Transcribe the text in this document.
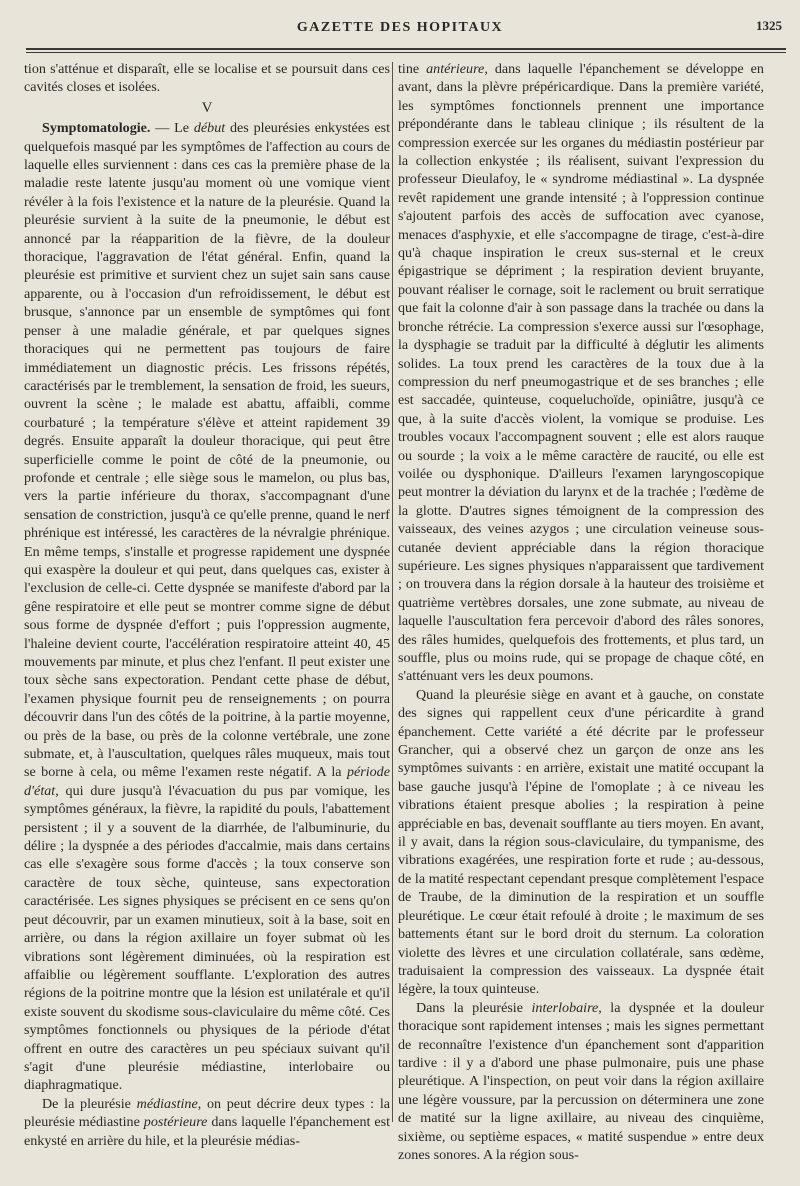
GAZETTE DES HOPITAUX	1325

tion s'atténue et disparaît, elle se localise et se poursuit dans ces cavités closes et isolées.

V

Symptomatologie. — Le début des pleurésies enkystées est quelquefois masqué par les symptômes de l'affection au cours de laquelle elles surviennent : dans ces cas la première phase de la maladie reste latente jusqu'au moment où une vomique vient révéler à la fois l'existence et la nature de la pleurésie. Quand la pleurésie survient à la suite de la pneumonie, le début est annoncé par la réapparition de la fièvre, de la douleur thoracique, l'aggravation de l'état général. Enfin, quand la pleurésie est primitive et survient chez un sujet sain sans cause apparente, ou à l'occasion d'un refroidissement, le début est brusque, s'annonce par un ensemble de symptômes qui font penser à une maladie générale, et par quelques signes thoraciques qui ne permettent pas toujours de faire immédiatement un diagnostic précis. Les frissons répétés, caractérisés par le tremblement, la sensation de froid, les sueurs, ouvrent la scène ; le malade est abattu, affaibli, comme courbaturé ; la température s'élève et atteint rapidement 39 degrés. Ensuite apparaît la douleur thoracique, qui peut être superficielle comme le point de côté de la pneumonie, ou profonde et centrale ; elle siège sous le mamelon, ou plus bas, vers la partie inférieure du thorax, s'accompagnant d'une sensation de constriction, jusqu'à ce qu'elle prenne, quand le nerf phrénique est intéressé, les caractères de la névralgie phrénique. En même temps, s'installe et progresse rapidement une dyspnée qui exaspère la douleur et qui peut, dans quelques cas, exister à l'exclusion de celle-ci. Cette dyspnée se manifeste d'abord par la gêne respiratoire et elle peut se montrer comme signe de début sous forme de dyspnée d'effort ; puis l'oppression augmente, l'haleine devient courte, l'accélération respiratoire atteint 40, 45 mouvements par minute, et plus chez l'enfant. Il peut exister une toux sèche sans expectoration. Pendant cette phase de début, l'examen physique fournit peu de renseignements ; on pourra découvrir dans l'un des côtés de la poitrine, à la partie moyenne, ou près de la base, ou près de la colonne vertébrale, une zone submate, et, à l'auscultation, quelques râles muqueux, mais tout se borne à cela, ou même l'examen reste négatif. A la période d'état, qui dure jusqu'à l'évacuation du pus par vomique, les symptômes généraux, la fièvre, la rapidité du pouls, l'abattement persistent ; il y a souvent de la diarrhée, de l'albuminurie, du délire ; la dyspnée a des périodes d'accalmie, mais dans certains cas elle s'exagère sous forme d'accès ; la toux conserve son caractère de toux sèche, quinteuse, sans expectoration caractérisée. Les signes physiques se précisent en ce sens qu'on peut découvrir, par un examen minutieux, soit à la base, soit en arrière, ou dans la région axillaire un foyer submat où les vibrations sont légèrement diminuées, où la respiration est affaiblie ou légèrement soufflante. L'exploration des autres régions de la poitrine montre que la lésion est unilatérale et qu'il existe souvent du skodisme sous-claviculaire du même côté. Ces symptômes fonctionnels ou physiques de la période d'état offrent en outre des caractères un peu spéciaux suivant qu'il s'agit d'une pleurésie médiastine, interlobaire ou diaphragmatique.

De la pleurésie médiastine, on peut décrire deux types : la pleurésie médiastine postérieure dans laquelle l'épanchement est enkysté en arrière du hile, et la pleurésie médias-

tine antérieure, dans laquelle l'épanchement se développe en avant, dans la plèvre prépéricardique. Dans la première variété, les symptômes fonctionnels prennent une importance prépondérante dans le tableau clinique ; ils résultent de la compression exercée sur les organes du médiastin postérieur par la collection enkystée ; ils réalisent, suivant l'expression du professeur Dieulafoy, le « syndrome médiastinal ». La dyspnée revêt rapidement une grande intensité ; à l'oppression continue s'ajoutent parfois des accès de suffocation avec cyanose, menaces d'asphyxie, et elle s'accompagne de tirage, c'est-à-dire qu'à chaque inspiration le creux sus-sternal et le creux épigastrique se dépriment ; la respiration devient bruyante, pouvant réaliser le cornage, soit le raclement ou bruit serratique que fait la colonne d'air à son passage dans la trachée ou dans la bronche rétrécie. La compression s'exerce aussi sur l'œsophage, la dysphagie se traduit par la difficulté à déglutir les aliments solides. La toux prend les caractères de la toux due à la compression du nerf pneumogastrique et de ses branches ; elle est saccadée, quinteuse, coqueluchoïde, opiniâtre, jusqu'à ce que, à la suite d'accès violent, la vomique se produise. Les troubles vocaux l'accompagnent souvent ; elle est alors rauque ou sourde ; la voix a le même caractère de raucité, ou elle est voilée ou dysphonique. D'ailleurs l'examen laryngoscopique peut montrer la déviation du larynx et de la trachée ; l'œdème de la glotte. D'autres signes témoignent de la compression des vaisseaux, des veines azygos ; une circulation veineuse sous-cutanée devient appréciable dans la région thoracique supérieure. Les signes physiques n'apparaissent que tardivement ; on trouvera dans la région dorsale à la hauteur des troisième et quatrième vertèbres dorsales, une zone submate, au niveau de laquelle l'auscultation fera percevoir d'abord des râles sonores, des râles humides, quelquefois des frottements, et plus tard, un souffle, plus ou moins rude, qui se propage de chaque côté, en s'atténuant vers les deux poumons.

Quand la pleurésie siège en avant et à gauche, on constate des signes qui rappellent ceux d'une péricardite à grand épanchement. Cette variété a été décrite par le professeur Grancher, qui a observé chez un garçon de onze ans les symptômes suivants : en arrière, existait une matité occupant la base gauche jusqu'à l'épine de l'omoplate ; à ce niveau les vibrations étaient presque abolies ; la respiration à peine appréciable en bas, devenait soufflante au tiers moyen. En avant, il y avait, dans la région sous-claviculaire, du tympanisme, des vibrations exagérées, une respiration forte et rude ; au-dessous, de la matité respectant cependant presque complètement l'espace de Traube, de la diminution de la respiration et un souffle pleurétique. Le cœur était refoulé à droite ; le maximum de ses battements étant sur le bord droit du sternum. La coloration violette des lèvres et une circulation collatérale, sans œdème, traduisaient la compression des vaisseaux. La dyspnée était légère, la toux quinteuse.

Dans la pleurésie interlobaire, la dyspnée et la douleur thoracique sont rapidement intenses ; mais les signes permettant de reconnaître l'existence d'un épanchement sont d'apparition tardive : il y a d'abord une phase pulmonaire, puis une phase pleurétique. A l'inspection, on peut voir dans la région axillaire une légère voussure, par la percussion on déterminera une zone de matité sur la ligne axillaire, au niveau des cinquième, sixième, ou septième espaces, « matité suspendue » entre deux zones sonores. A la région sous-
